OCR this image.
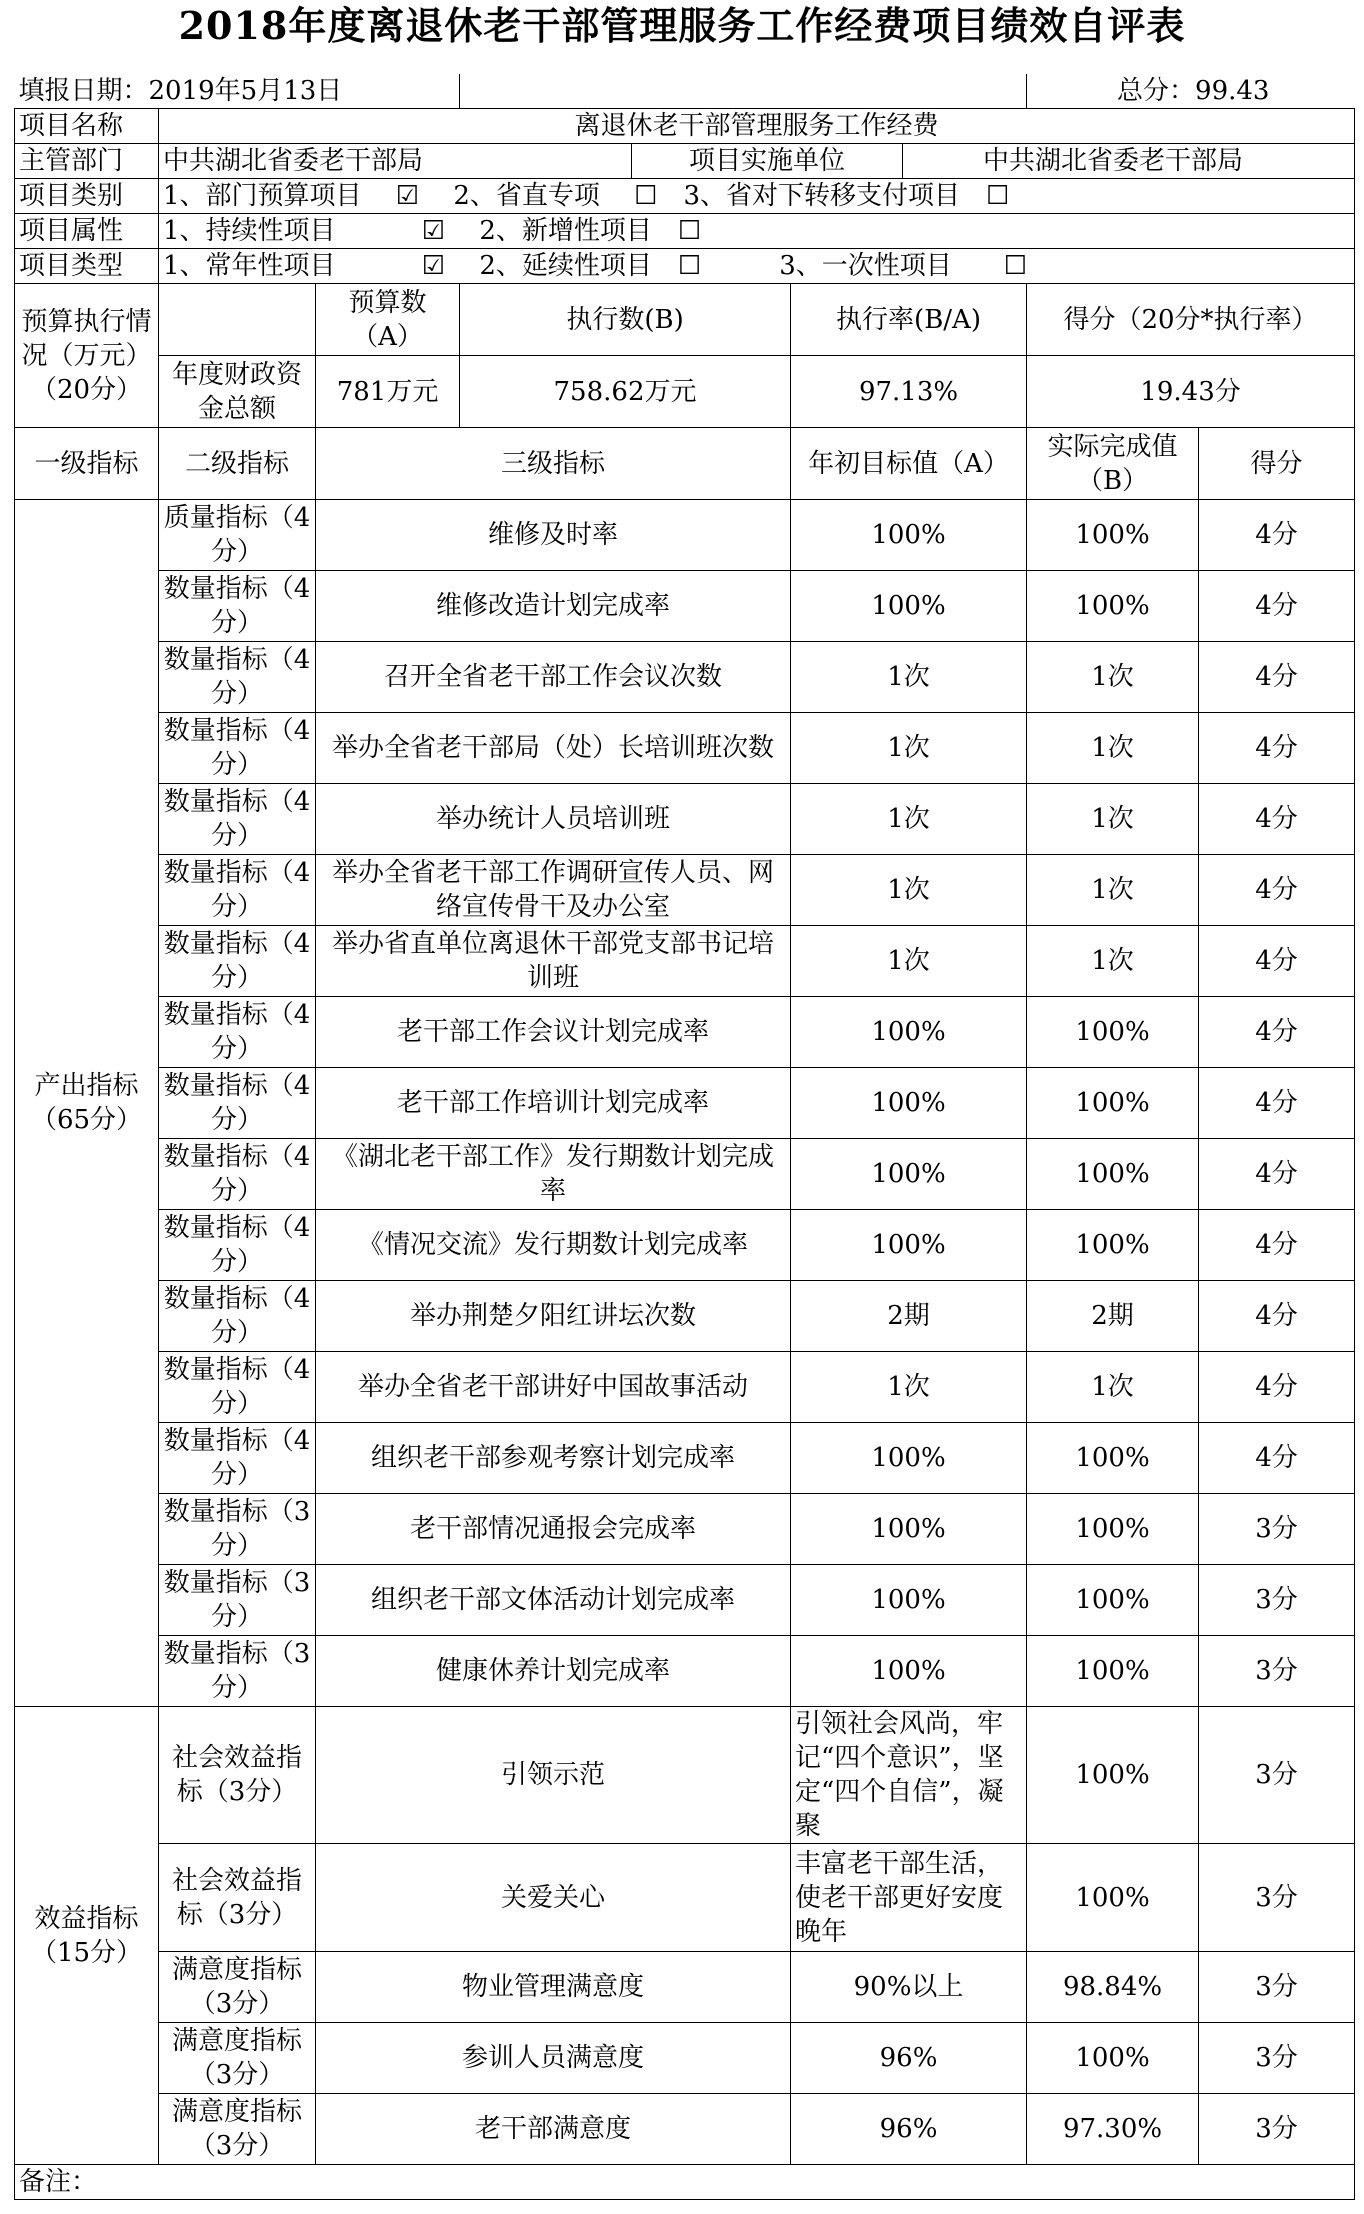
2018年度离退休老干部管理服务工作经费项目绩效自评表
填报日期：2019年5月13日							总分：99.43	
项目名称	离退休老干部管理服务工作经费							
主管部门	中共湖北省委老干部局			项目实施单位		中共湖北省委老干部局		
项目类别	1、部门预算项目　 ☑　 2、省直专项　 ☐　3、省对下转移支付项目　☐							
项目属性	1、持续性项目　　　 ☑　 2、新增性项目　☐							
项目类型	1、常年性项目　　　 ☑　 2、延续性项目　☐　　　3、一次性项目　　☐							
预算执行情况（万元）（20分）		预算数（A）	执行数(B)		执行率(B/A)		得分（20分*执行率）	
	年度财政资金总额	781万元	758.62万元		97.13%		19.43分	
一级指标	二级指标	三级指标			年初目标值（A）		实际完成值（B）	得分
产出指标（65分）	质量指标（4分）	维修及时率			100%		100%	4分
	数量指标（4分）	维修改造计划完成率			100%		100%	4分
	数量指标（4分）	召开全省老干部工作会议次数			1次		1次	4分
	数量指标（4分）	举办全省老干部局（处）长培训班次数			1次		1次	4分
	数量指标（4分）	举办统计人员培训班			1次		1次	4分
	数量指标（4分）	举办全省老干部工作调研宣传人员、网络宣传骨干及办公室			1次		1次	4分
	数量指标（4分）	举办省直单位离退休干部党支部书记培训班			1次		1次	4分
	数量指标（4分）	老干部工作会议计划完成率			100%		100%	4分
	数量指标（4分）	老干部工作培训计划完成率			100%		100%	4分
	数量指标（4分）	《湖北老干部工作》发行期数计划完成率			100%		100%	4分
	数量指标（4分）	《情况交流》发行期数计划完成率			100%		100%	4分
	数量指标（4分）	举办荆楚夕阳红讲坛次数			2期		2期	4分
	数量指标（4分）	举办全省老干部讲好中国故事活动			1次		1次	4分
	数量指标（4分）	组织老干部参观考察计划完成率			100%		100%	4分
	数量指标（3分）	老干部情况通报会完成率			100%		100%	3分
	数量指标（3分）	组织老干部文体活动计划完成率			100%		100%	3分
	数量指标（3分）	健康休养计划完成率			100%		100%	3分
效益指标（15分）	社会效益指标（3分）	引领示范			引领社会风尚，牢记“四个意识”，坚定“四个自信”，凝聚		100%	3分
	社会效益指标（3分）	关爱关心			丰富老干部生活，使老干部更好安度晚年		100%	3分
	满意度指标（3分）	物业管理满意度			90%以上		98.84%	3分
	满意度指标（3分）	参训人员满意度			96%		100%	3分
	满意度指标（3分）	老干部满意度			96%		97.30%	3分
备注：								
